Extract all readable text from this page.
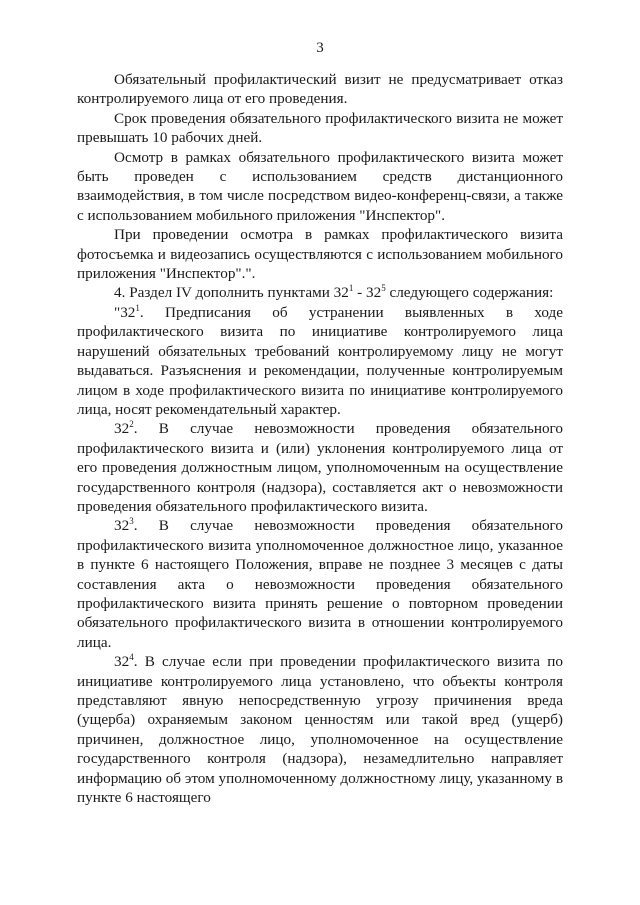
3

Обязательный профилактический визит не предусматривает отказ контролируемого лица от его проведения.

Срок проведения обязательного профилактического визита не может превышать 10 рабочих дней.

Осмотр в рамках обязательного профилактического визита может быть проведен с использованием средств дистанционного взаимодействия, в том числе посредством видео-конференц-связи, а также с использованием мобильного приложения "Инспектор".

При проведении осмотра в рамках профилактического визита фотосъемка и видеозапись осуществляются с использованием мобильного приложения "Инспектор".".

4. Раздел IV дополнить пунктами $32^1 - 32^5$ следующего содержания:

"$32^1$. Предписания об устранении выявленных в ходе профилактического визита по инициативе контролируемого лица нарушений обязательных требований контролируемому лицу не могут выдаваться. Разъяснения и рекомендации, полученные контролируемым лицом в ходе профилактического визита по инициативе контролируемого лица, носят рекомендательный характер.

$32^2$. В случае невозможности проведения обязательного профилактического визита и (или) уклонения контролируемого лица от его проведения должностным лицом, уполномоченным на осуществление государственного контроля (надзора), составляется акт о невозможности проведения обязательного профилактического визита.

$32^3$. В случае невозможности проведения обязательного профилактического визита уполномоченное должностное лицо, указанное в пункте 6 настоящего Положения, вправе не позднее 3 месяцев с даты составления акта о невозможности проведения обязательного профилактического визита принять решение о повторном проведении обязательного профилактического визита в отношении контролируемого лица.

$32^4$. В случае если при проведении профилактического визита по инициативе контролируемого лица установлено, что объекты контроля представляют явную непосредственную угрозу причинения вреда (ущерба) охраняемым законом ценностям или такой вред (ущерб) причинен, должностное лицо, уполномоченное на осуществление государственного контроля (надзора), незамедлительно направляет информацию об этом уполномоченному должностному лицу, указанному в пункте 6 настоящего
